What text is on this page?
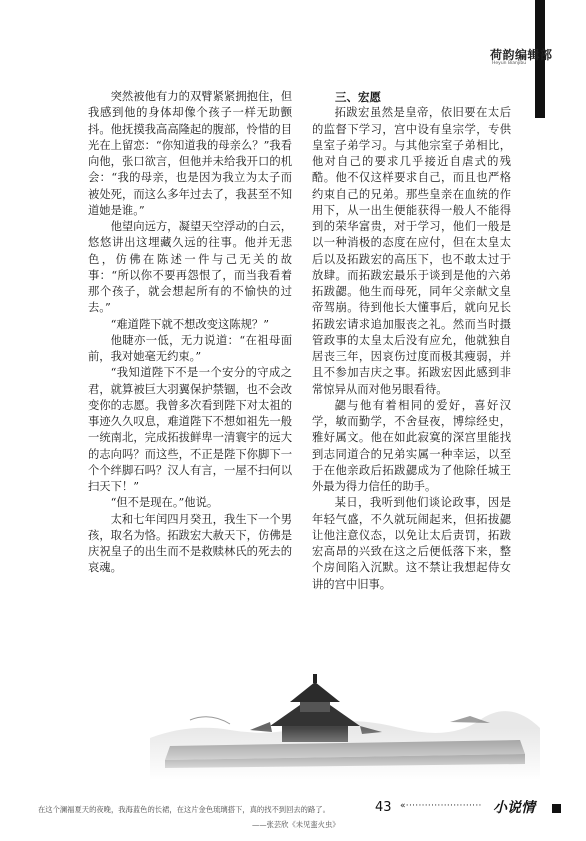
荷韵编辑部
Heyun Bianjibu

突然被他有力的双臂紧紧拥抱住，但我感到他的身体却像个孩子一样无助颤抖。他抚摸我高高隆起的腹部，怜惜的目光在上留恋：“你知道我的母亲么？”我看向他，张口欲言，但他并未给我开口的机会：“我的母亲，也是因为我立为太子而被处死，而这么多年过去了，我甚至不知道她是谁。”

他望向远方，凝望天空浮动的白云，悠悠讲出这埋藏久远的往事。他并无悲色，仿佛在陈述一件与己无关的故事：“所以你不要再怨恨了，而当我看着那个孩子，就会想起所有的不愉快的过去。”

“难道陛下就不想改变这陈规？”

他睫亦一低，无力说道：“在祖母面前，我对她毫无约束。”

“我知道陛下不是一个安分的守成之君，就算被巨大羽翼保护禁锢，也不会改变你的志愿。我曾多次看到陛下对太祖的事迹久久叹息，难道陛下不想如祖先一般一统南北，完成拓拔鲜卑一清寰宇的远大的志向吗？而这些，不正是陛下你脚下一个个绊脚石吗？汉人有言，一屋不扫何以扫天下！”

“但不是现在。”他说。

太和七年闰四月癸丑，我生下一个男孩，取名为恪。拓跋宏大赦天下，仿佛是庆祝皇子的出生而不是救赎林氏的死去的哀魂。

三、宏愿

拓跋宏虽然是皇帝，依旧要在太后的监督下学习，宫中设有皇宗学，专供皇室子弟学习。与其他宗室子弟相比，他对自己的要求几乎接近自虐式的残酷。他不仅这样要求自己，而且也严格约束自己的兄弟。那些皇亲在血统的作用下，从一出生便能获得一般人不能得到的荣华富贵，对于学习，他们一般是以一种消极的态度在应付，但在太皇太后以及拓跋宏的高压下，也不敢太过于放肆。而拓跋宏最乐于谈到是他的六弟拓跋勰。他生而母死，同年父亲献文皇帝驾崩。待到他长大懂事后，就向兄长拓跋宏请求追加服丧之礼。然而当时摄管政事的太皇太后没有应允，他就独自居丧三年，因哀伤过度而极其瘦弱，并且不参加吉庆之事。拓跋宏因此感到非常惊异从而对他另眼看待。

勰与他有着相同的爱好，喜好汉学，敏而勤学，不舍昼夜，博综经史，雅好属文。他在如此寂寞的深宫里能找到志同道合的兄弟实属一种幸运，以至于在他亲政后拓跋勰成为了他除任城王外最为得力信任的助手。

某日，我听到他们谈论政事，因是年轻气盛，不久就玩闹起来，但拓拔勰让他注意仪态，以免让太后责罚，拓跋宏高昂的兴致在这之后便低落下来，整个房间陷入沉默。这不禁让我想起侍女讲的宫中旧事。

在这个澜福夏天的夜晚，我海蓝色的长裙，在这片金色琉璃搭下，真的找不到回去的路了。
——张芸欣《未见蛮火虫》
43 «························ 小说情
